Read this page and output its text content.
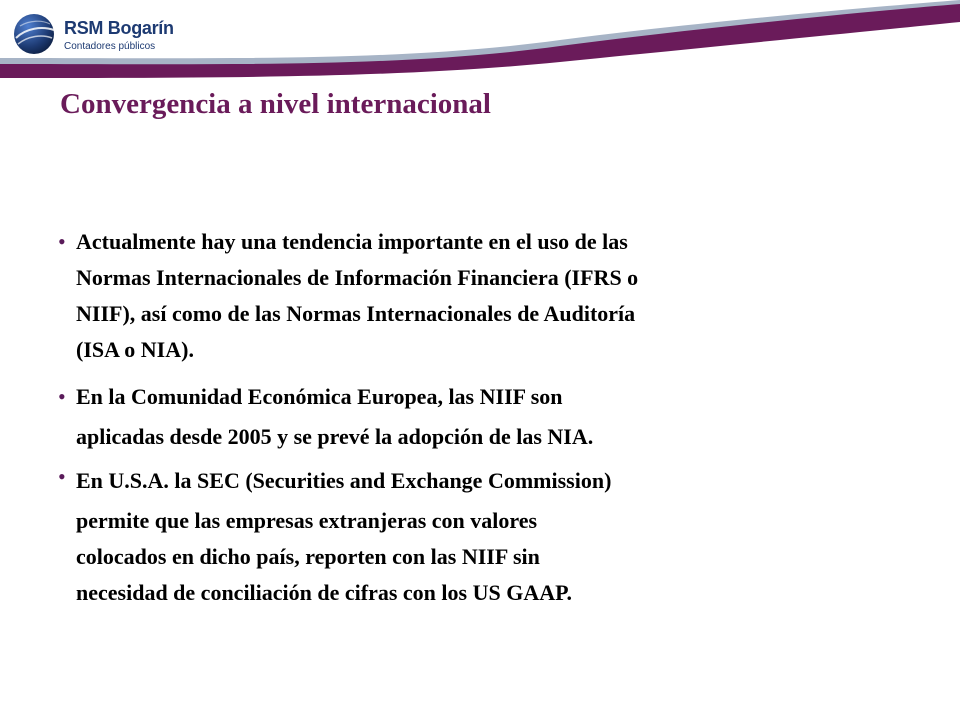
RSM Bogarín
Contadores públicos
Convergencia a nivel internacional
• Actualmente hay una tendencia importante en el uso de las
Normas Internacionales de Información Financiera (IFRS o
NIIF), así como de las Normas Internacionales de Auditoría
(ISA o NIA).
• En la Comunidad Económica Europea, las NIIF son
aplicadas desde 2005 y se prevé la adopción de las NIA.
• En U.S.A. la SEC (Securities and Exchange Commission)
permite que las empresas extranjeras con valores
colocados en dicho país, reporten con las NIIF sin
necesidad de conciliación de cifras con los US GAAP.
